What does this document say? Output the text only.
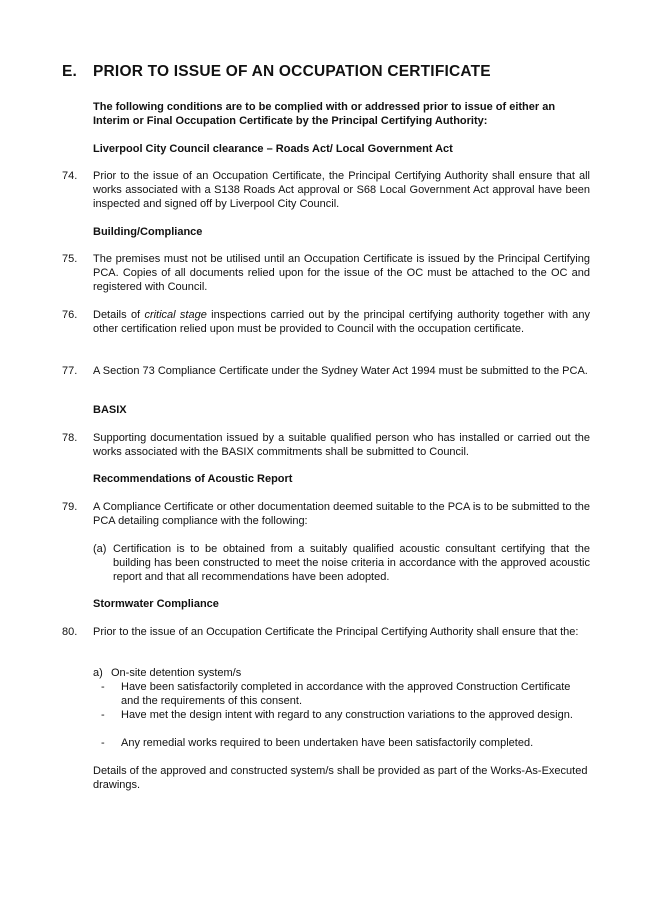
E. PRIOR TO ISSUE OF AN OCCUPATION CERTIFICATE
The following conditions are to be complied with or addressed prior to issue of either an Interim or Final Occupation Certificate by the Principal Certifying Authority:
Liverpool City Council clearance – Roads Act/ Local Government Act
74. Prior to the issue of an Occupation Certificate, the Principal Certifying Authority shall ensure that all works associated with a S138 Roads Act approval or S68 Local Government Act approval have been inspected and signed off by Liverpool City Council.
Building/Compliance
75. The premises must not be utilised until an Occupation Certificate is issued by the Principal Certifying PCA. Copies of all documents relied upon for the issue of the OC must be attached to the OC and registered with Council.
76. Details of critical stage inspections carried out by the principal certifying authority together with any other certification relied upon must be provided to Council with the occupation certificate.
77. A Section 73 Compliance Certificate under the Sydney Water Act 1994 must be submitted to the PCA.
BASIX
78. Supporting documentation issued by a suitable qualified person who has installed or carried out the works associated with the BASIX commitments shall be submitted to Council.
Recommendations of Acoustic Report
79. A Compliance Certificate or other documentation deemed suitable to the PCA is to be submitted to the PCA detailing compliance with the following:
(a) Certification is to be obtained from a suitably qualified acoustic consultant certifying that the building has been constructed to meet the noise criteria in accordance with the approved acoustic report and that all recommendations have been adopted.
Stormwater Compliance
80. Prior to the issue of an Occupation Certificate the Principal Certifying Authority shall ensure that the:
a) On-site detention system/s
- Have been satisfactorily completed in accordance with the approved Construction Certificate and the requirements of this consent.
- Have met the design intent with regard to any construction variations to the approved design.
- Any remedial works required to been undertaken have been satisfactorily completed.
Details of the approved and constructed system/s shall be provided as part of the Works-As-Executed drawings.
